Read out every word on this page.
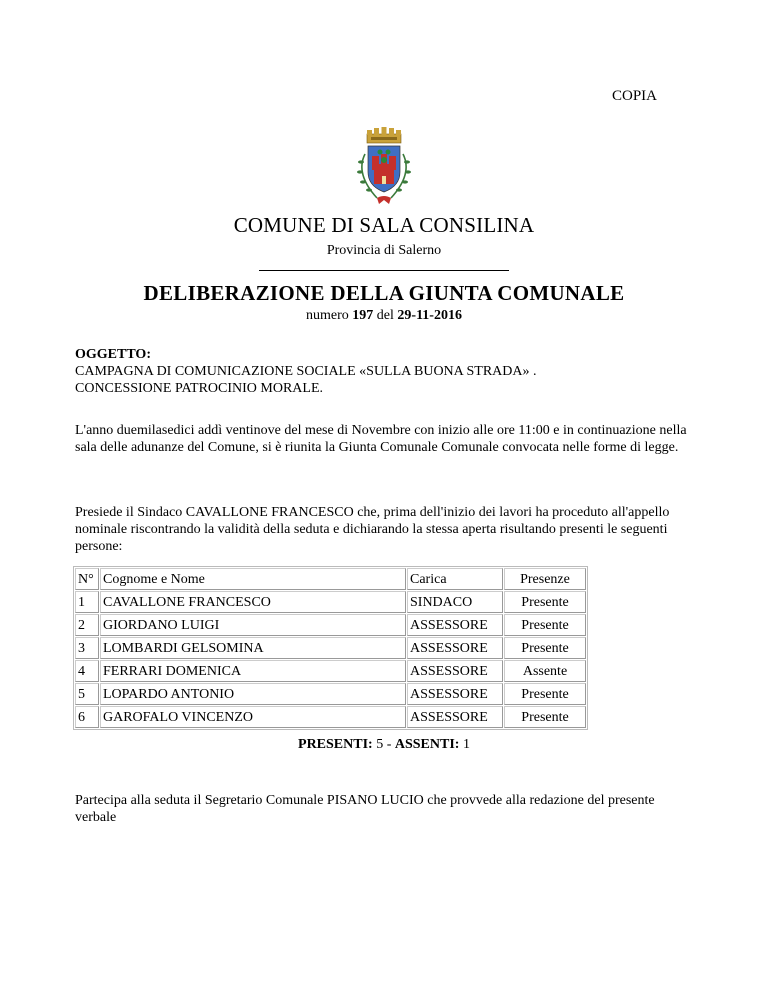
COPIA
COMUNE DI SALA CONSILINA
Provincia di Salerno
DELIBERAZIONE DELLA GIUNTA COMUNALE
numero 197 del 29-11-2016
OGGETTO:
CAMPAGNA DI COMUNICAZIONE SOCIALE «SULLA BUONA STRADA» .
CONCESSIONE PATROCINIO MORALE.
L'anno duemilasedici addì ventinove del mese di Novembre con inizio alle ore 11:00 e in continuazione nella sala delle adunanze del Comune, si è riunita la Giunta Comunale Comunale convocata nelle forme di legge.
Presiede il Sindaco CAVALLONE FRANCESCO che, prima dell'inizio dei lavori ha proceduto all'appello nominale riscontrando la validità della seduta e dichiarando la stessa aperta risultando presenti le seguenti persone:
N°	Cognome e Nome	Carica	Presenze
1	CAVALLONE FRANCESCO	SINDACO	Presente
2	GIORDANO LUIGI	ASSESSORE	Presente
3	LOMBARDI GELSOMINA	ASSESSORE	Presente
4	FERRARI DOMENICA	ASSESSORE	Assente
5	LOPARDO ANTONIO	ASSESSORE	Presente
6	GAROFALO VINCENZO	ASSESSORE	Presente
PRESENTI: 5 - ASSENTI: 1
Partecipa alla seduta il Segretario Comunale PISANO LUCIO che provvede alla redazione del presente verbale
